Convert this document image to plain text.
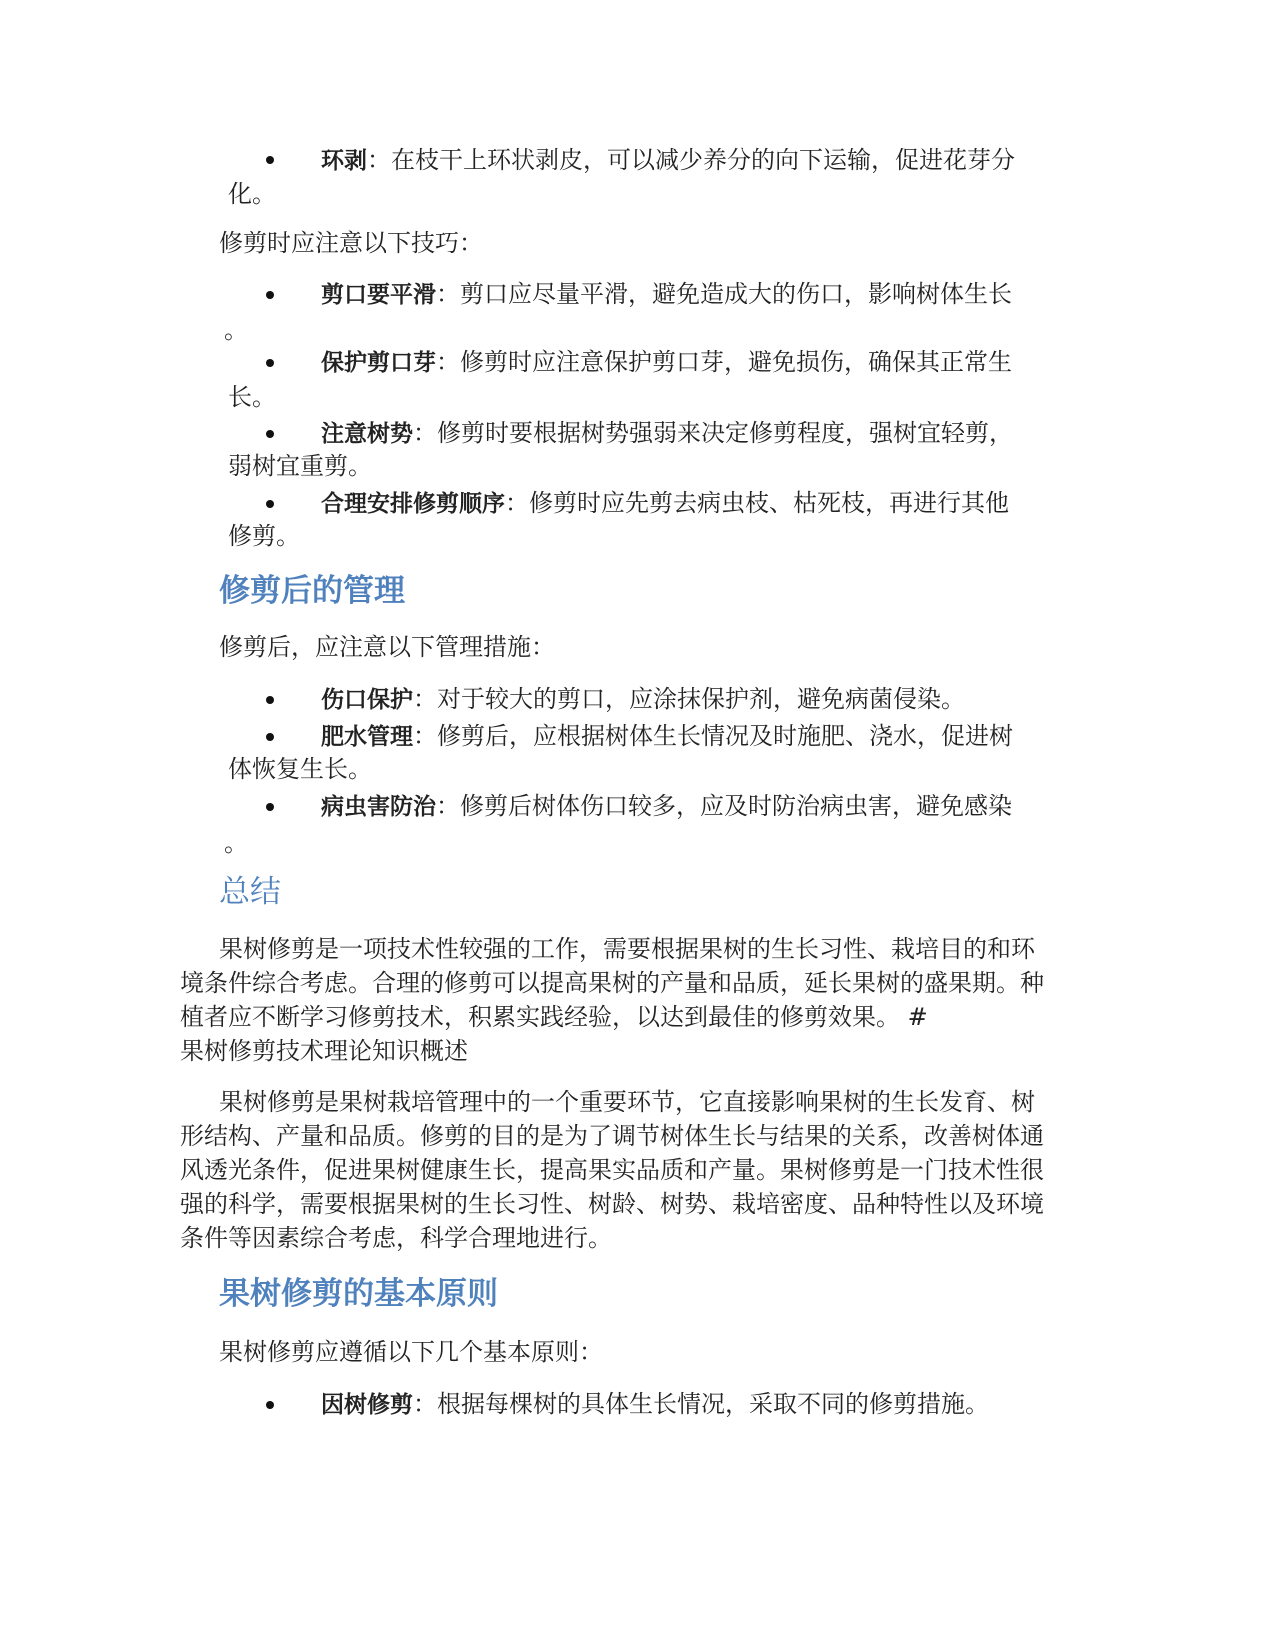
环剥：在枝干上环状剥皮，可以减少养分的向下运输，促进花芽分
化。
修剪时应注意以下技巧：
剪口要平滑：剪口应尽量平滑，避免造成大的伤口，影响树体生长
。
保护剪口芽：修剪时应注意保护剪口芽，避免损伤，确保其正常生
长。
注意树势：修剪时要根据树势强弱来决定修剪程度，强树宜轻剪，
弱树宜重剪。
合理安排修剪顺序：修剪时应先剪去病虫枝、枯死枝，再进行其他
修剪。
修剪后的管理
修剪后，应注意以下管理措施：
伤口保护：对于较大的剪口，应涂抹保护剂，避免病菌侵染。
肥水管理：修剪后，应根据树体生长情况及时施肥、浇水，促进树
体恢复生长。
病虫害防治：修剪后树体伤口较多，应及时防治病虫害，避免感染
。
总结
果树修剪是一项技术性较强的工作，需要根据果树的生长习性、栽培目的和环
境条件综合考虑。合理的修剪可以提高果树的产量和品质，延长果树的盛果期。种
植者应不断学习修剪技术，积累实践经验，以达到最佳的修剪效果。 #
果树修剪技术理论知识概述
果树修剪是果树栽培管理中的一个重要环节，它直接影响果树的生长发育、树
形结构、产量和品质。修剪的目的是为了调节树体生长与结果的关系，改善树体通
风透光条件，促进果树健康生长，提高果实品质和产量。果树修剪是一门技术性很
强的科学，需要根据果树的生长习性、树龄、树势、栽培密度、品种特性以及环境
条件等因素综合考虑，科学合理地进行。
果树修剪的基本原则
果树修剪应遵循以下几个基本原则：
因树修剪：根据每棵树的具体生长情况，采取不同的修剪措施。
